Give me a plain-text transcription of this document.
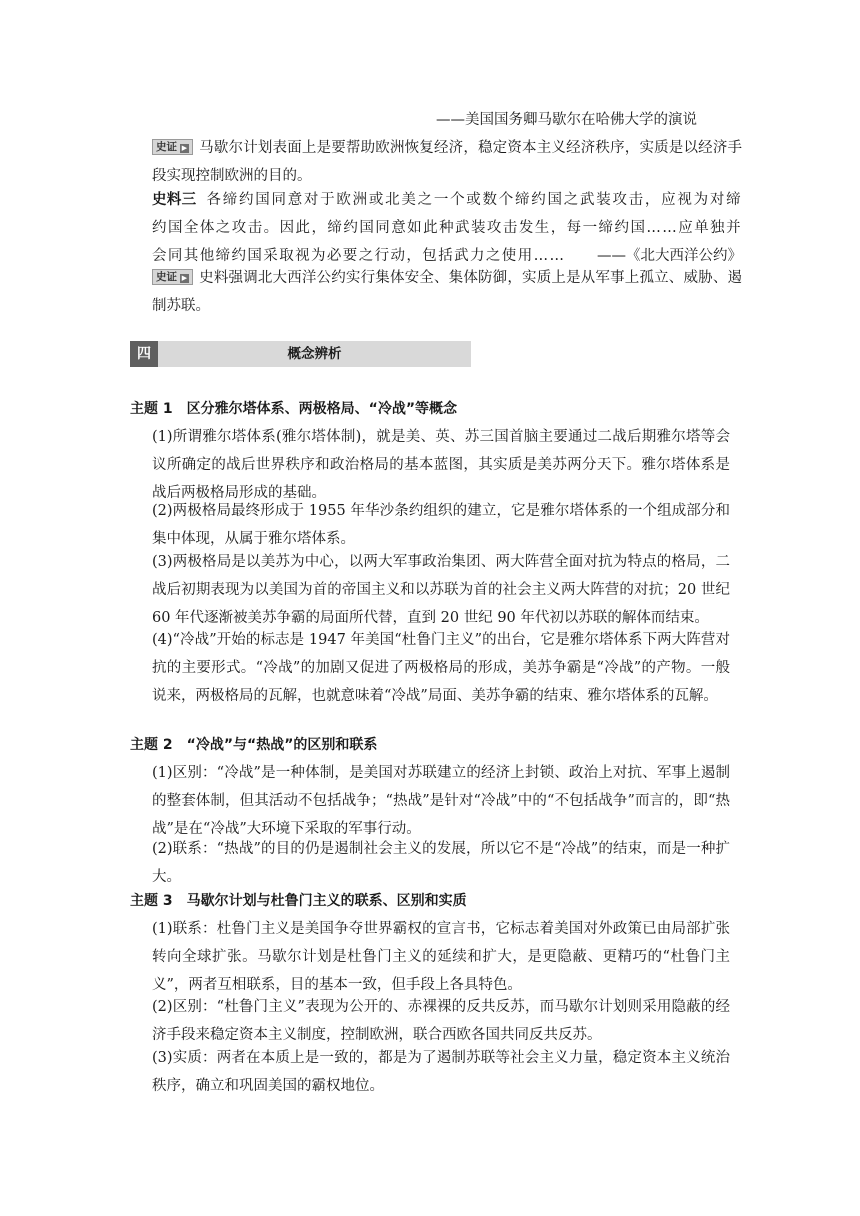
——美国国务卿马歇尔在哈佛大学的演说
史证 ▶ 马歇尔计划表面上是要帮助欧洲恢复经济，稳定资本主义经济秩序，实质是以经济手段实现控制欧洲的目的。
史料三 各缔约国同意对于欧洲或北美之一个或数个缔约国之武装攻击，应视为对缔约国全体之攻击。因此，缔约国同意如此种武装攻击发生，每一缔约国……应单独并会同其他缔约国采取视为必要之行动，包括武力之使用…… ——《北大西洋公约》
史证 ▶ 史料强调北大西洋公约实行集体安全、集体防御，实质上是从军事上孤立、威胁、遏制苏联。
四	概念辨析
主题 1 区分雅尔塔体系、两极格局、“冷战”等概念
(1)所谓雅尔塔体系(雅尔塔体制)，就是美、英、苏三国首脑主要通过二战后期雅尔塔等会议所确定的战后世界秩序和政治格局的基本蓝图，其实质是美苏两分天下。雅尔塔体系是战后两极格局形成的基础。
(2)两极格局最终形成于 1955 年华沙条约组织的建立，它是雅尔塔体系的一个组成部分和集中体现，从属于雅尔塔体系。
(3)两极格局是以美苏为中心，以两大军事政治集团、两大阵营全面对抗为特点的格局，二战后初期表现为以美国为首的帝国主义和以苏联为首的社会主义两大阵营的对抗；20 世纪 60 年代逐渐被美苏争霸的局面所代替，直到 20 世纪 90 年代初以苏联的解体而结束。
(4)“冷战”开始的标志是 1947 年美国“杜鲁门主义”的出台，它是雅尔塔体系下两大阵营对抗的主要形式。“冷战”的加剧又促进了两极格局的形成，美苏争霸是“冷战”的产物。一般说来，两极格局的瓦解，也就意味着“冷战”局面、美苏争霸的结束、雅尔塔体系的瓦解。
主题 2 “冷战”与“热战”的区别和联系
(1)区别：“冷战”是一种体制，是美国对苏联建立的经济上封锁、政治上对抗、军事上遏制的整套体制，但其活动不包括战争；“热战”是针对“冷战”中的“不包括战争”而言的，即“热战”是在“冷战”大环境下采取的军事行动。
(2)联系：“热战”的目的仍是遏制社会主义的发展，所以它不是“冷战”的结束，而是一种扩大。
主题 3 马歇尔计划与杜鲁门主义的联系、区别和实质
(1)联系：杜鲁门主义是美国争夺世界霸权的宣言书，它标志着美国对外政策已由局部扩张转向全球扩张。马歇尔计划是杜鲁门主义的延续和扩大，是更隐蔽、更精巧的“杜鲁门主义”，两者互相联系，目的基本一致，但手段上各具特色。
(2)区别：“杜鲁门主义”表现为公开的、赤裸裸的反共反苏，而马歇尔计划则采用隐蔽的经济手段来稳定资本主义制度，控制欧洲，联合西欧各国共同反共反苏。
(3)实质：两者在本质上是一致的，都是为了遏制苏联等社会主义力量，稳定资本主义统治秩序，确立和巩固美国的霸权地位。
